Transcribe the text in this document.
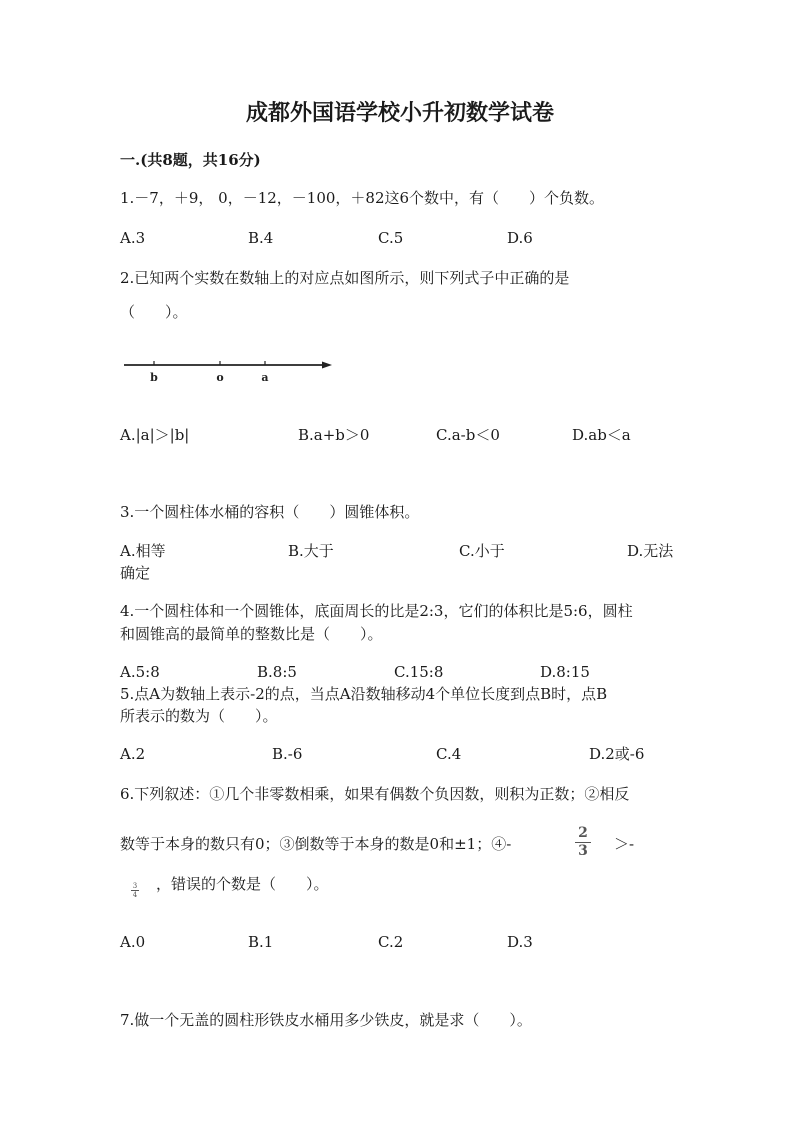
成都外国语学校小升初数学试卷
一.(共8题，共16分)
1.－7，＋9， 0，－12，－100，＋82这6个数中，有（　　）个负数。
A.3	B.4	C.5	D.6
2.已知两个实数在数轴上的对应点如图所示，则下列式子中正确的是
（　　）。
b	o	a
A.|a|＞|b|	B.a+b＞0	C.a-b＜0	D.ab＜a
3.一个圆柱体水桶的容积（　　）圆锥体积。
A.相等	B.大于	C.小于	D.无法
确定
4.一个圆柱体和一个圆锥体，底面周长的比是2:3，它们的体积比是5:6，圆柱
和圆锥高的最简单的整数比是（　　）。
A.5:8	B.8:5	C.15:8	D.8:15
5.点A为数轴上表示-2的点，当点A沿数轴移动4个单位长度到点B时，点B
所表示的数为（　　）。
A.2	B.-6	C.4	D.2或-6
6.下列叙述：①几个非零数相乘，如果有偶数个负因数，则积为正数；②相反
数等于本身的数只有0；③倒数等于本身的数是0和±1；④-
2
3 ＞-
3
4
，错误的个数是（　　）。
A.0	B.1	C.2	D.3
7.做一个无盖的圆柱形铁皮水桶用多少铁皮，就是求（　　）。
